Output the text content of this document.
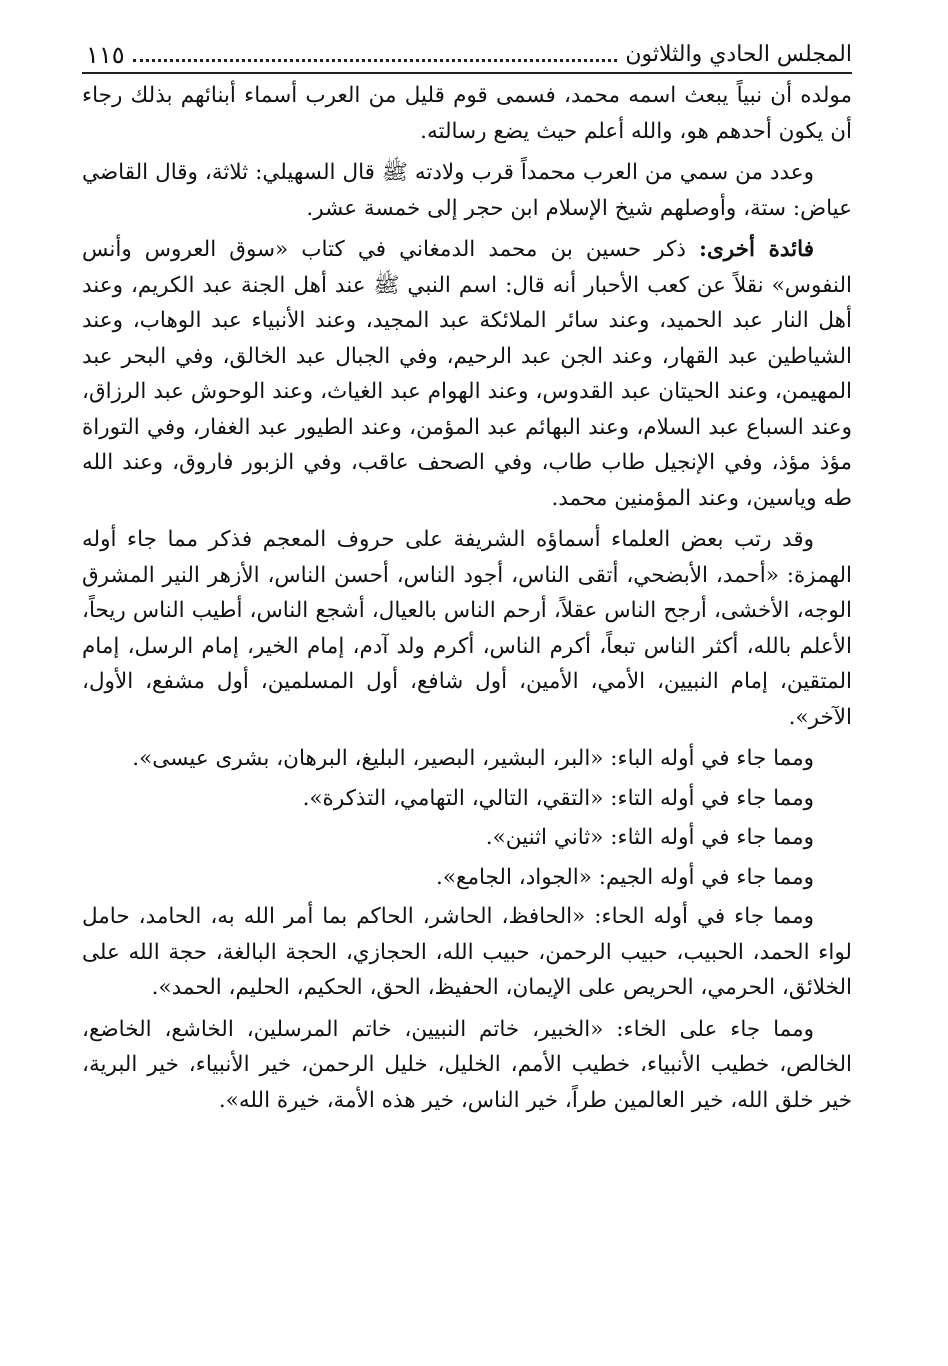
المجلس الحادي والثلاثون
١١٥

مولده أن نبياً يبعث اسمه محمد، فسمى قوم قليل من العرب أسماء أبنائهم بذلك رجاء أن يكون أحدهم هو، والله أعلم حيث يضع رسالته.

وعدد من سمي من العرب محمداً قرب ولادته ﷺ قال السهيلي: ثلاثة، وقال القاضي عياض: ستة، وأوصلهم شيخ الإسلام ابن حجر إلى خمسة عشر.

فائدة أخرى: ذكر حسين بن محمد الدمغاني في كتاب «سوق العروس وأنس النفوس» نقلاً عن كعب الأحبار أنه قال: اسم النبي ﷺ عند أهل الجنة عبد الكريم، وعند أهل النار عبد الحميد، وعند سائر الملائكة عبد المجيد، وعند الأنبياء عبد الوهاب، وعند الشياطين عبد القهار، وعند الجن عبد الرحيم، وفي الجبال عبد الخالق، وفي البحر عبد المهيمن، وعند الحيتان عبد القدوس، وعند الهوام عبد الغياث، وعند الوحوش عبد الرزاق، وعند السباع عبد السلام، وعند البهائم عبد المؤمن، وعند الطيور عبد الغفار، وفي التوراة مؤذ مؤذ، وفي الإنجيل طاب طاب، وفي الصحف عاقب، وفي الزبور فاروق، وعند الله طه وياسين، وعند المؤمنين محمد.

وقد رتب بعض العلماء أسماؤه الشريفة على حروف المعجم فذكر مما جاء أوله الهمزة: «أحمد، الأبضحي، أتقى الناس، أجود الناس، أحسن الناس، الأزهر النير المشرق الوجه، الأخشى، أرجح الناس عقلاً، أرحم الناس بالعيال، أشجع الناس، أطيب الناس ريحاً، الأعلم بالله، أكثر الناس تبعاً، أكرم الناس، أكرم ولد آدم، إمام الخير، إمام الرسل، إمام المتقين، إمام النبيين، الأمي، الأمين، أول شافع، أول المسلمين، أول مشفع، الأول، الآخر».

ومما جاء في أوله الباء: «البر، البشير، البصير، البليغ، البرهان، بشرى عيسى».

ومما جاء في أوله التاء: «التقي، التالي، التهامي، التذكرة».

ومما جاء في أوله الثاء: «ثاني اثنين».

ومما جاء في أوله الجيم: «الجواد، الجامع».

ومما جاء في أوله الحاء: «الحافظ، الحاشر، الحاكم بما أمر الله به، الحامد، حامل لواء الحمد، الحبيب، حبيب الرحمن، حبيب الله، الحجازي، الحجة البالغة، حجة الله على الخلائق، الحرمي، الحريص على الإيمان، الحفيظ، الحق، الحكيم، الحليم، الحمد».

ومما جاء على الخاء: «الخبير، خاتم النبيين، خاتم المرسلين، الخاشع، الخاضع، الخالص، خطيب الأنبياء، خطيب الأمم، الخليل، خليل الرحمن، خير الأنبياء، خير البرية، خير خلق الله، خير العالمين طراً، خير الناس، خير هذه الأمة، خيرة الله».
